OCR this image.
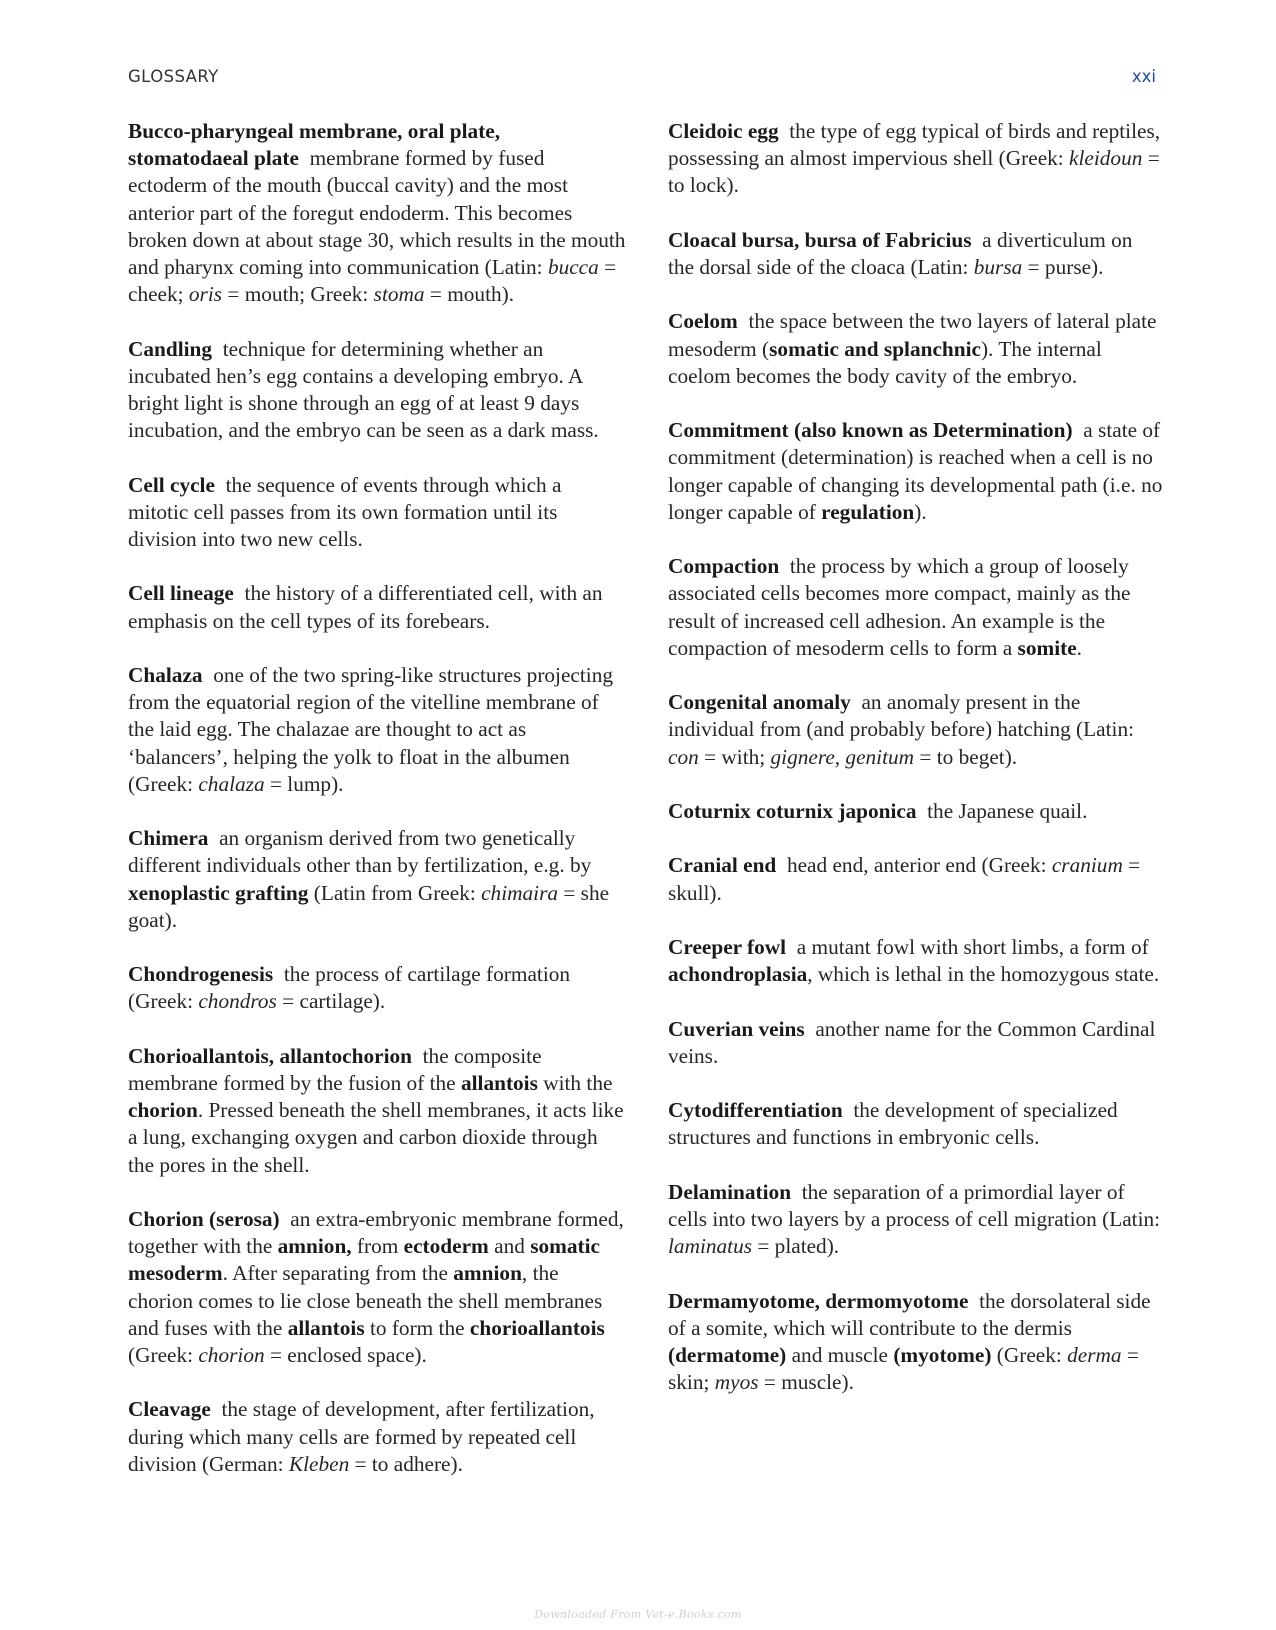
GLOSSARY	xxi

Bucco-pharyngeal membrane, oral plate, stomatodaeal plate  membrane formed by fused ectoderm of the mouth (buccal cavity) and the most anterior part of the foregut endoderm. This becomes broken down at about stage 30, which results in the mouth and pharynx coming into communication (Latin: bucca = cheek; oris = mouth; Greek: stoma = mouth).

Candling  technique for determining whether an incubated hen’s egg contains a developing embryo. A bright light is shone through an egg of at least 9 days incubation, and the embryo can be seen as a dark mass.

Cell cycle  the sequence of events through which a mitotic cell passes from its own formation until its division into two new cells.

Cell lineage  the history of a differentiated cell, with an emphasis on the cell types of its forebears.

Chalaza  one of the two spring-like structures projecting from the equatorial region of the vitelline membrane of the laid egg. The chalazae are thought to act as ‘balancers’, helping the yolk to float in the albumen (Greek: chalaza = lump).

Chimera  an organism derived from two genetically different individuals other than by fertilization, e.g. by xenoplastic grafting (Latin from Greek: chimaira = she goat).

Chondrogenesis  the process of cartilage formation (Greek: chondros = cartilage).

Chorioallantois, allantochorion  the composite membrane formed by the fusion of the allantois with the chorion. Pressed beneath the shell membranes, it acts like a lung, exchanging oxygen and carbon dioxide through the pores in the shell.

Chorion (serosa)  an extra-embryonic membrane formed, together with the amnion, from ectoderm and somatic mesoderm. After separating from the amnion, the chorion comes to lie close beneath the shell membranes and fuses with the allantois to form the chorioallantois (Greek: chorion = enclosed space).

Cleavage  the stage of development, after fertilization, during which many cells are formed by repeated cell division (German: Kleben = to adhere).

Cleidoic egg  the type of egg typical of birds and reptiles, possessing an almost impervious shell (Greek: kleidoun = to lock).

Cloacal bursa, bursa of Fabricius  a diverticulum on the dorsal side of the cloaca (Latin: bursa = purse).

Coelom  the space between the two layers of lateral plate mesoderm (somatic and splanchnic). The internal coelom becomes the body cavity of the embryo.

Commitment (also known as Determination)  a state of commitment (determination) is reached when a cell is no longer capable of changing its developmental path (i.e. no longer capable of regulation).

Compaction  the process by which a group of loosely associated cells becomes more compact, mainly as the result of increased cell adhesion. An example is the compaction of mesoderm cells to form a somite.

Congenital anomaly  an anomaly present in the individual from (and probably before) hatching (Latin: con = with; gignere, genitum = to beget).

Coturnix coturnix japonica  the Japanese quail.

Cranial end  head end, anterior end (Greek: cranium = skull).

Creeper fowl  a mutant fowl with short limbs, a form of achondroplasia, which is lethal in the homozygous state.

Cuverian veins  another name for the Common Cardinal veins.

Cytodifferentiation  the development of specialized structures and functions in embryonic cells.

Delamination  the separation of a primordial layer of cells into two layers by a process of cell migration (Latin: laminatus = plated).

Dermamyotome, dermomyotome  the dorsolateral side of a somite, which will contribute to the dermis (dermatome) and muscle (myotome) (Greek: derma = skin; myos = muscle).

Downloaded From Vet-e.Books.com
